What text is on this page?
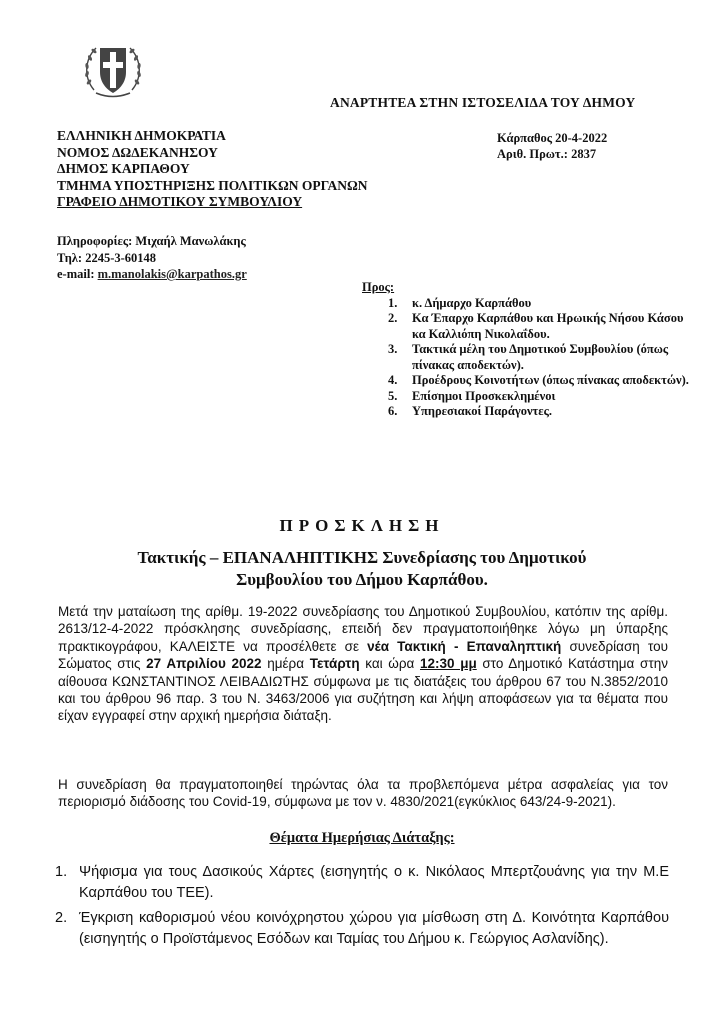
ΑΝΑΡΤΗΤΕΑ ΣΤΗΝ ΙΣΤΟΣΕΛΙΔΑ ΤΟΥ ΔΗΜΟΥ
ΕΛΛΗΝΙΚΗ ΔΗΜΟΚΡΑΤΙΑ
ΝΟΜΟΣ ΔΩΔΕΚΑΝΗΣΟΥ
ΔΗΜΟΣ ΚΑΡΠΑΘΟΥ
ΤΜΗΜΑ ΥΠΟΣΤΗΡΙΞΗΣ ΠΟΛΙΤΙΚΩΝ ΟΡΓΑΝΩΝ
ΓΡΑΦΕΙΟ ΔΗΜΟΤΙΚΟΥ ΣΥΜΒΟΥΛΙΟΥ
Κάρπαθος 20-4-2022
Αριθ. Πρωτ.: 2837
Πληροφορίες: Μιχαήλ Μανωλάκης
Τηλ: 2245-3-60148
e-mail: m.manolakis@karpathos.gr
Προς:
1.	κ. Δήμαρχο Καρπάθου
2.	Κα Έπαρχο Καρπάθου και Ηρωικής Νήσου Κάσου κα Καλλιόπη Νικολαΐδου.
3.	Τακτικά μέλη του Δημοτικού Συμβουλίου (όπως πίνακας αποδεκτών).
4.	Προέδρους Κοινοτήτων (όπως πίνακας αποδεκτών).
5.	Επίσημοι Προσκεκλημένοι
6.	Υπηρεσιακοί Παράγοντες.
ΠΡΟΣΚΛΗΣΗ
Τακτικής – ΕΠΑΝΑΛΗΠΤΙΚΗΣ Συνεδρίασης του Δημοτικού
Συμβουλίου του Δήμου Καρπάθου.
Μετά την ματαίωση της αρίθμ. 19-2022 συνεδρίασης του Δημοτικού Συμβουλίου, κατόπιν της αρίθμ. 2613/12-4-2022 πρόσκλησης συνεδρίασης, επειδή δεν πραγματοποιήθηκε λόγω μη ύπαρξης πρακτικογράφου, ΚΑΛΕΙΣΤΕ να προσέλθετε σε νέα Τακτική - Επαναληπτική συνεδρίαση του Σώματος στις 27 Απριλίου 2022 ημέρα Τετάρτη και ώρα 12:30 μμ στο Δημοτικό Κατάστημα στην αίθουσα ΚΩΝΣΤΑΝΤΙΝΟΣ ΛΕΙΒΑΔΙΩΤΗΣ σύμφωνα με τις διατάξεις του άρθρου 67 του Ν.3852/2010 και του άρθρου 96 παρ. 3 του Ν. 3463/2006 για συζήτηση και λήψη αποφάσεων για τα θέματα που είχαν εγγραφεί στην αρχική ημερήσια διάταξη.
Η συνεδρίαση θα πραγματοποιηθεί τηρώντας όλα τα προβλεπόμενα μέτρα ασφαλείας για τον περιορισμό διάδοσης του Covid-19, σύμφωνα με τον ν. 4830/2021(εγκύκλιος 643/24-9-2021).
Θέματα Ημερήσιας Διάταξης:
1. Ψήφισμα για τους Δασικούς Χάρτες (εισηγητής ο κ. Νικόλαος Μπερτζουάνης για την Μ.Ε Καρπάθου του ΤΕΕ).
2. Έγκριση καθορισμού νέου κοινόχρηστου χώρου για μίσθωση στη Δ. Κοινότητα Καρπάθου (εισηγητής ο Προϊστάμενος Εσόδων και Ταμίας του Δήμου κ. Γεώργιος Ασλανίδης).
